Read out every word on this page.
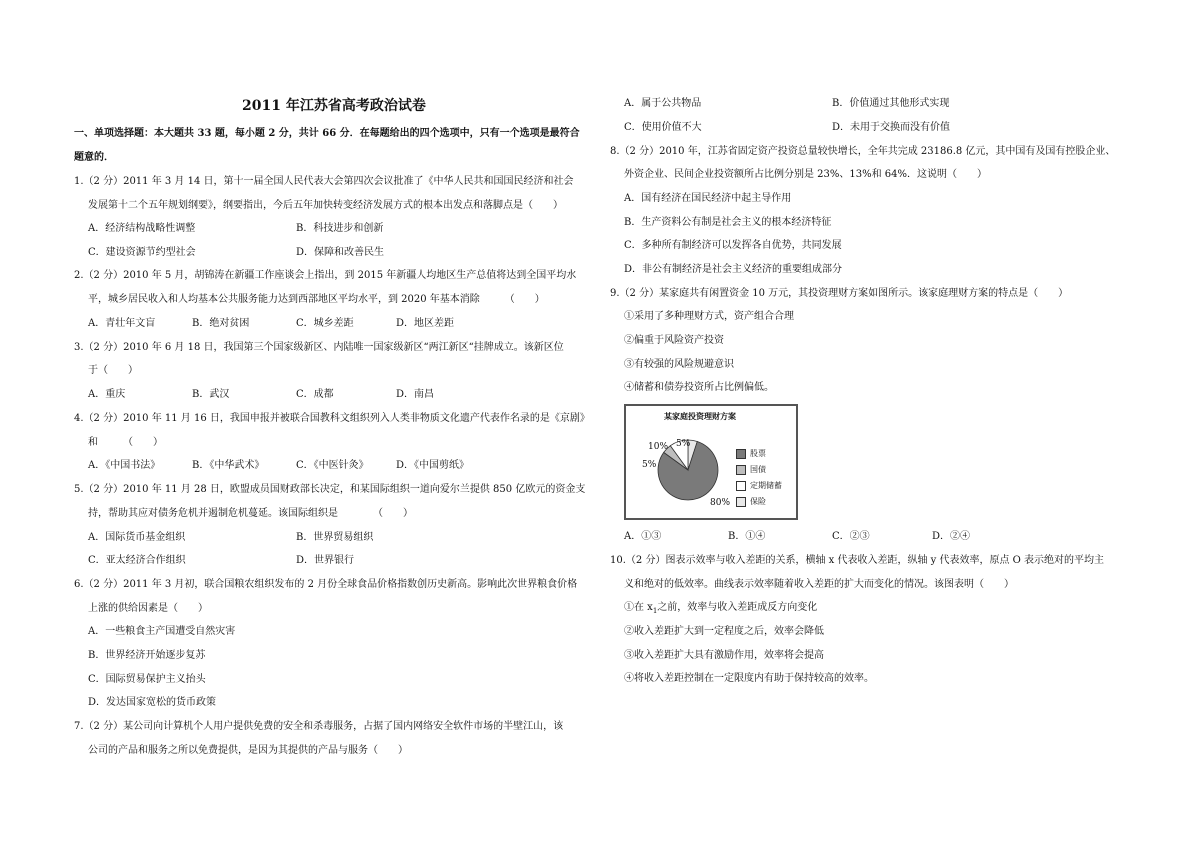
2011 年江苏省高考政治试卷
一、单项选择题：本大题共 33 题，每小题 2 分，共计 66 分．在每题给出的四个选项中，只有一个选项是最符合
题意的．
1.（2 分）2011 年 3 月 14 日，第十一届全国人民代表大会第四次会议批准了《中华人民共和国国民经济和社会
发展第十二个五年规划纲要》，纲要指出，今后五年加快转变经济发展方式的根本出发点和落脚点是（　　）
A．经济结构战略性调整	B．科技进步和创新
C．建设资源节约型社会	D．保障和改善民生
2.（2 分）2010 年 5 月，胡锦涛在新疆工作座谈会上指出，到 2015 年新疆人均地区生产总值将达到全国平均水
平，城乡居民收入和人均基本公共服务能力达到西部地区平均水平，到 2020 年基本消除　　　（　　）
A．青壮年文盲	B．绝对贫困	C．城乡差距	D．地区差距
3.（2 分）2010 年 6 月 18 日，我国第三个国家级新区、内陆唯一国家级新区“两江新区“挂牌成立。该新区位
于（　　）
A．重庆	B．武汉	C．成都	D．南昌
4.（2 分）2010 年 11 月 16 日，我国申报并被联合国教科文组织列入人类非物质文化遗产代表作名录的是《京剧》
和　　　（　　）
A．《中国书法》	B．《中华武术》	C．《中医针灸》	D．《中国剪纸》
5.（2 分）2010 年 11 月 28 日，欧盟成员国财政部长决定，和某国际组织一道向爱尔兰提供 850 亿欧元的资金支
持，帮助其应对债务危机并遏制危机蔓延。该国际组织是　　　　（　　）
A．国际货币基金组织	B．世界贸易组织
C．亚太经济合作组织	D．世界银行
6.（2 分）2011 年 3 月初，联合国粮农组织发布的 2 月份全球食品价格指数创历史新高。影响此次世界粮食价格
上涨的供给因素是（　　）
A．一些粮食主产国遭受自然灾害
B．世界经济开始逐步复苏
C．国际贸易保护主义抬头
D．发达国家宽松的货币政策
7.（2 分）某公司向计算机个人用户提供免费的安全和杀毒服务，占据了国内网络安全软件市场的半壁江山，该
公司的产品和服务之所以免费提供，是因为其提供的产品与服务（　　）
A．属于公共物品	B．价值通过其他形式实现
C．使用价值不大	D．未用于交换而没有价值
8.（2 分）2010 年，江苏省固定资产投资总量较快增长，全年共完成 23186.8 亿元，其中国有及国有控股企业、
外资企业、民间企业投资额所占比例分别是 23%、13%和 64%．这说明（　　）
A．国有经济在国民经济中起主导作用
B．生产资料公有制是社会主义的根本经济特征
C．多种所有制经济可以发挥各自优势，共同发展
D．非公有制经济是社会主义经济的重要组成部分
9.（2 分）某家庭共有闲置资金 10 万元，其投资理财方案如图所示。该家庭理财方案的特点是（　　）
①采用了多种理财方式，资产组合合理
②偏重于风险资产投资
③有较强的风险规避意识
④储蓄和债券投资所占比例偏低。
某家庭投资理财方案
80%
5%
10% 5%
股票
国债
定期储蓄
保险
A．①③	B．①④	C．②③	D．②④
10.（2 分）图表示效率与收入差距的关系，横轴 x 代表收入差距，纵轴 y 代表效率，原点 O 表示绝对的平均主
义和绝对的低效率。曲线表示效率随着收入差距的扩大而变化的情况。该图表明（　　）
①在 $x_1$之前，效率与收入差距成反方向变化
②收入差距扩大到一定程度之后，效率会降低
③收入差距扩大具有激励作用，效率将会提高
④将收入差距控制在一定限度内有助于保持较高的效率。
